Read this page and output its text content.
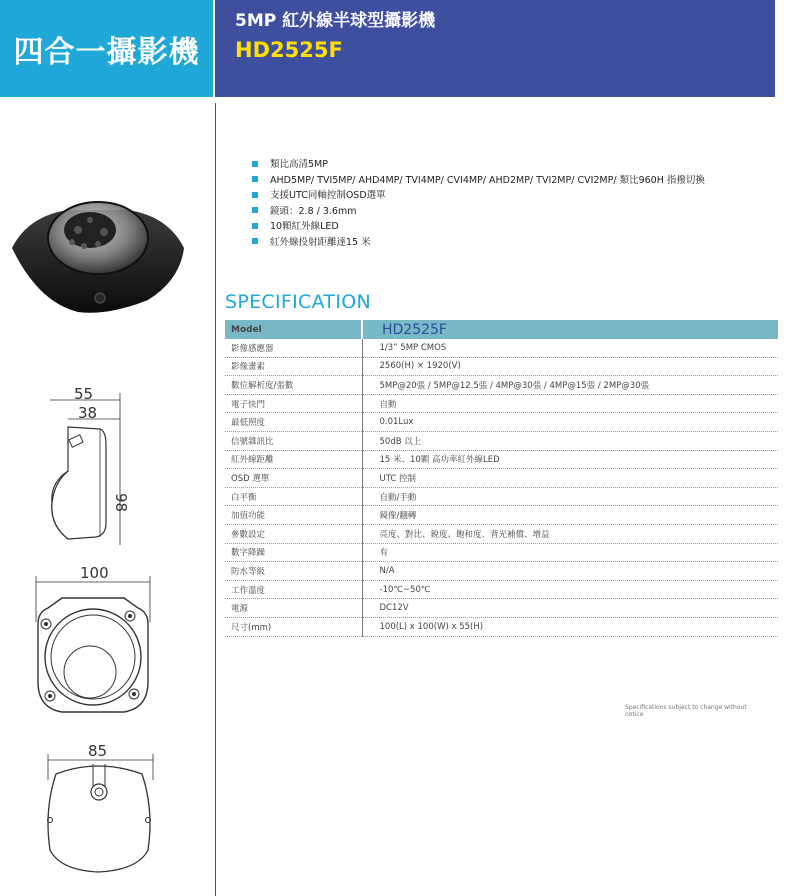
四合一攝影機
5MP 紅外線半球型攝影機
HD2525F
55
38
98
100
85
類比高清5MP
AHD5MP/ TVI5MP/ AHD4MP/ TVI4MP/ CVI4MP/ AHD2MP/ TVI2MP/ CVI2MP/ 類比960H 指撥切換
支援UTC同軸控制OSD選單
鏡頭：2.8 / 3.6mm
10顆紅外線LED
紅外線投射距離達15 米
SPECIFICATION
Model	HD2525F
影像感應器	1/3” 5MP CMOS
影像畫素	2560(H) × 1920(V)
數位解析度/張數	5MP@20張 / 5MP@12.5張 / 4MP@30張 / 4MP@15張 / 2MP@30張
電子快門	自動
最低照度	0.01Lux
信號雜訊比	50dB 以上
紅外線距離	15 米、10顆 高功率紅外線LED
OSD 選單	UTC 控制
白平衡	自動/手動
加值功能	鏡像/翻轉
參數設定	亮度、對比、銳度、飽和度、背光補償、增益
數字降躁	有
防水等級	N/A
工作溫度	-10℃~50℃
電源	DC12V
尺寸(mm)	100(L) x 100(W) x 55(H)
Specifications subject to change without notice
